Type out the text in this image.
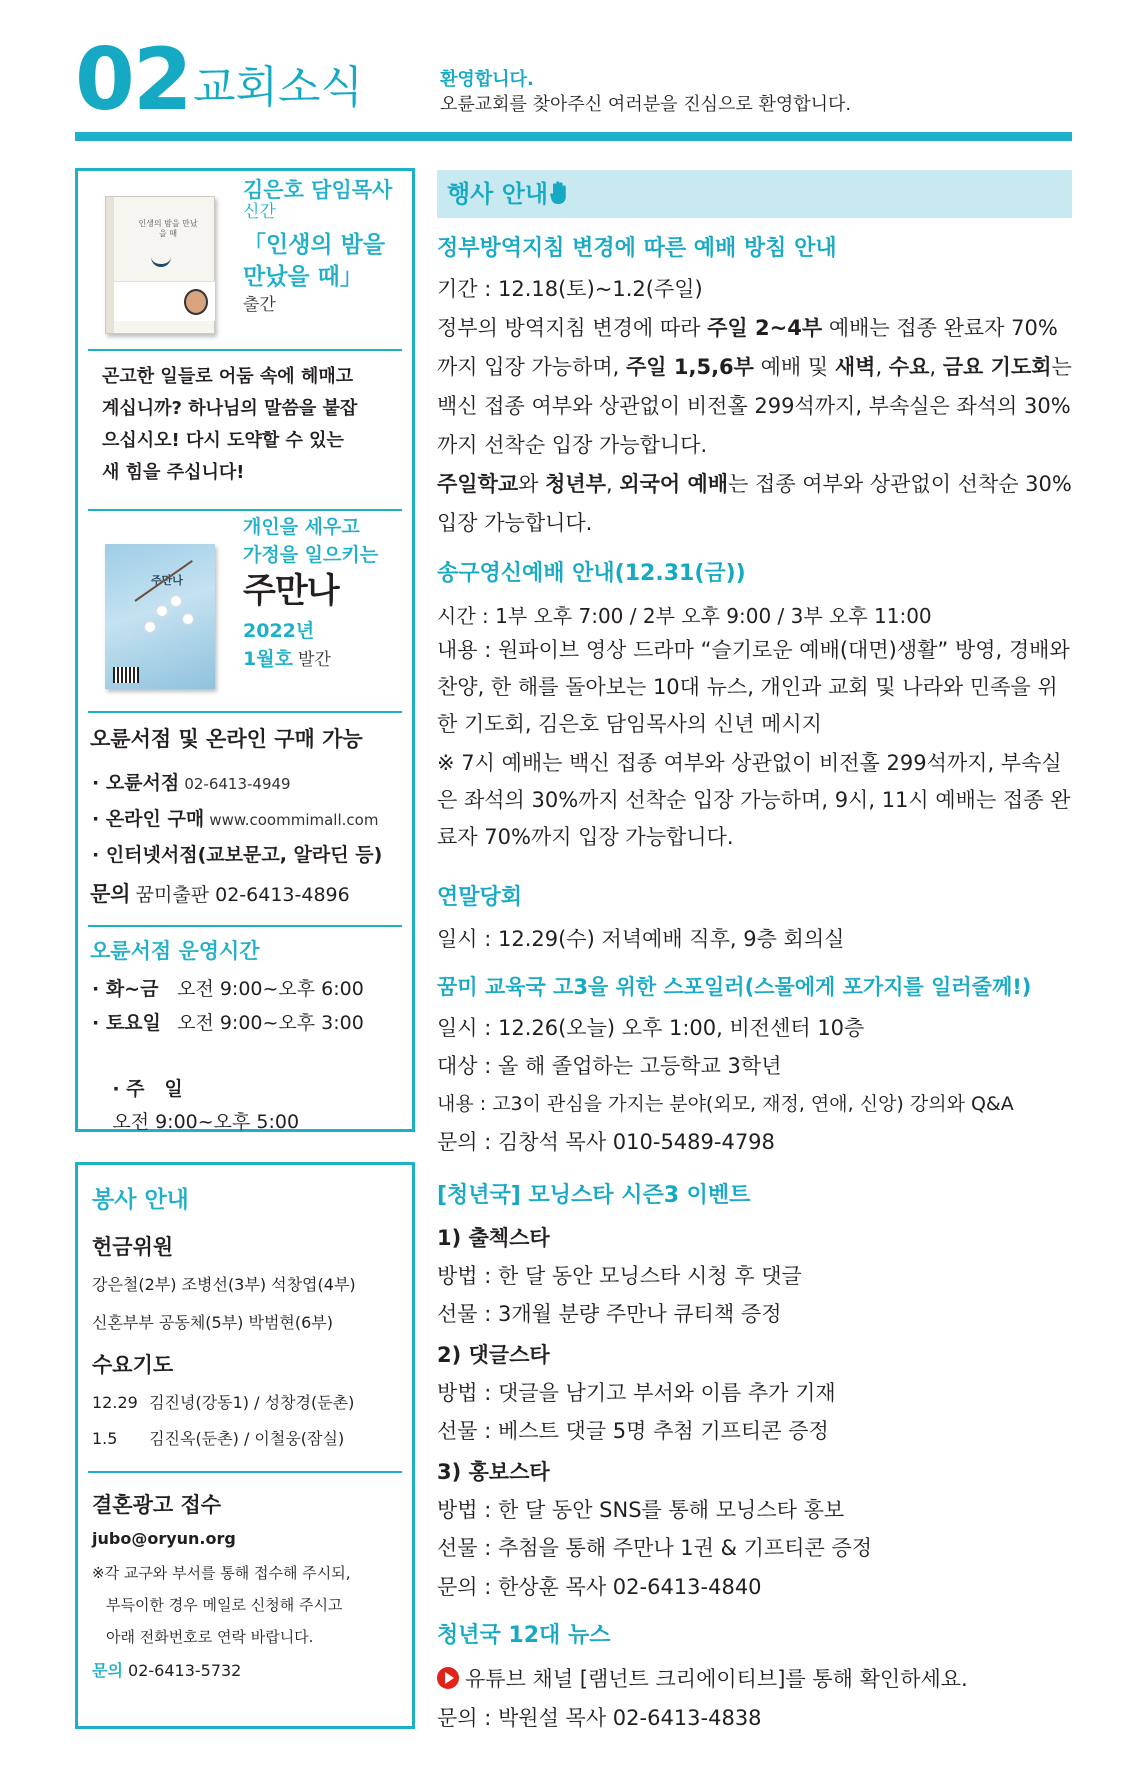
02 교회소식	환영합니다.
오륜교회를 찾아주신 여러분을 진심으로 환영합니다.
인생의 밤을 만났을 때
김은호 담임목사
신간
「인생의 밤을
만났을 때」
출간
곤고한 일들로 어둠 속에 헤매고
계십니까? 하나님의 말씀을 붙잡
으십시오! 다시 도약할 수 있는
새 힘을 주십니다!
주만나
개인을 세우고
가정을 일으키는
주만나
2022년
1월호 발간
오륜서점 및 온라인 구매 가능
· 오륜서점 02-6413-4949
· 온라인 구매 www.coommimall.com
· 인터넷서점(교보문고, 알라딘 등)
문의 꿈미출판 02-6413-4896
오륜서점 운영시간
· 화~금 오전 9:00~오후 6:00
· 토요일 오전 9:00~오후 3:00

· 주   일
오전 9:00~오후 5:00

봉사 안내
헌금위원
강은철(2부) 조병선(3부) 석창엽(4부)
신혼부부 공동체(5부) 박범현(6부)
수요기도
12.29 김진녕(강동1) / 성창경(둔촌)
1.5 김진옥(둔촌) / 이철웅(잠실)
결혼광고 접수
jubo@oryun.org
※각 교구와 부서를 통해 접수해 주시되,
부득이한 경우 메일로 신청해 주시고
아래 전화번호로 연락 바랍니다.
문의 02-6413-5732
행사 안내
정부방역지침 변경에 따른 예배 방침 안내
기간 : 12.18(토)~1.2(주일)
정부의 방역지침 변경에 따라 주일 2~4부 예배는 접종 완료자 70%까지 입장 가능하며, 주일 1,5,6부 예배 및 새벽, 수요, 금요 기도회는 백신 접종 여부와 상관없이 비전홀 299석까지, 부속실은 좌석의 30%까지 선착순 입장 가능합니다.
주일학교와 청년부, 외국어 예배는 접종 여부와 상관없이 선착순 30% 입장 가능합니다.
송구영신예배 안내(12.31(금))
시간 : 1부 오후 7:00 / 2부 오후 9:00 / 3부 오후 11:00
내용 : 원파이브 영상 드라마 “슬기로운 예배(대면)생활” 방영, 경배와 찬양, 한 해를 돌아보는 10대 뉴스, 개인과 교회 및 나라와 민족을 위한 기도회, 김은호 담임목사의 신년 메시지
※ 7시 예배는 백신 접종 여부와 상관없이 비전홀 299석까지, 부속실은 좌석의 30%까지 선착순 입장 가능하며, 9시, 11시 예배는 접종 완료자 70%까지 입장 가능합니다.
연말당회
일시 : 12.29(수) 저녁예배 직후, 9층 회의실
꿈미 교육국 고3을 위한 스포일러(스물에게 포가지를 일러줄께!)
일시 : 12.26(오늘) 오후 1:00, 비전센터 10층
대상 : 올 해 졸업하는 고등학교 3학년
내용 : 고3이 관심을 가지는 분야(외모, 재정, 연애, 신앙) 강의와 Q&A
문의 : 김창석 목사 010-5489-4798
[청년국] 모닝스타 시즌3 이벤트
1) 출첵스타
방법 : 한 달 동안 모닝스타 시청 후 댓글
선물 : 3개월 분량 주만나 큐티책 증정
2) 댓글스타
방법 : 댓글을 남기고 부서와 이름 추가 기재
선물 : 베스트 댓글 5명 추첨 기프티콘 증정
3) 홍보스타
방법 : 한 달 동안 SNS를 통해 모닝스타 홍보
선물 : 추첨을 통해 주만나 1권 & 기프티콘 증정
문의 : 한상훈 목사 02-6413-4840
청년국 12대 뉴스
유튜브 채널 [램넌트 크리에이티브]를 통해 확인하세요.
문의 : 박원설 목사 02-6413-4838
